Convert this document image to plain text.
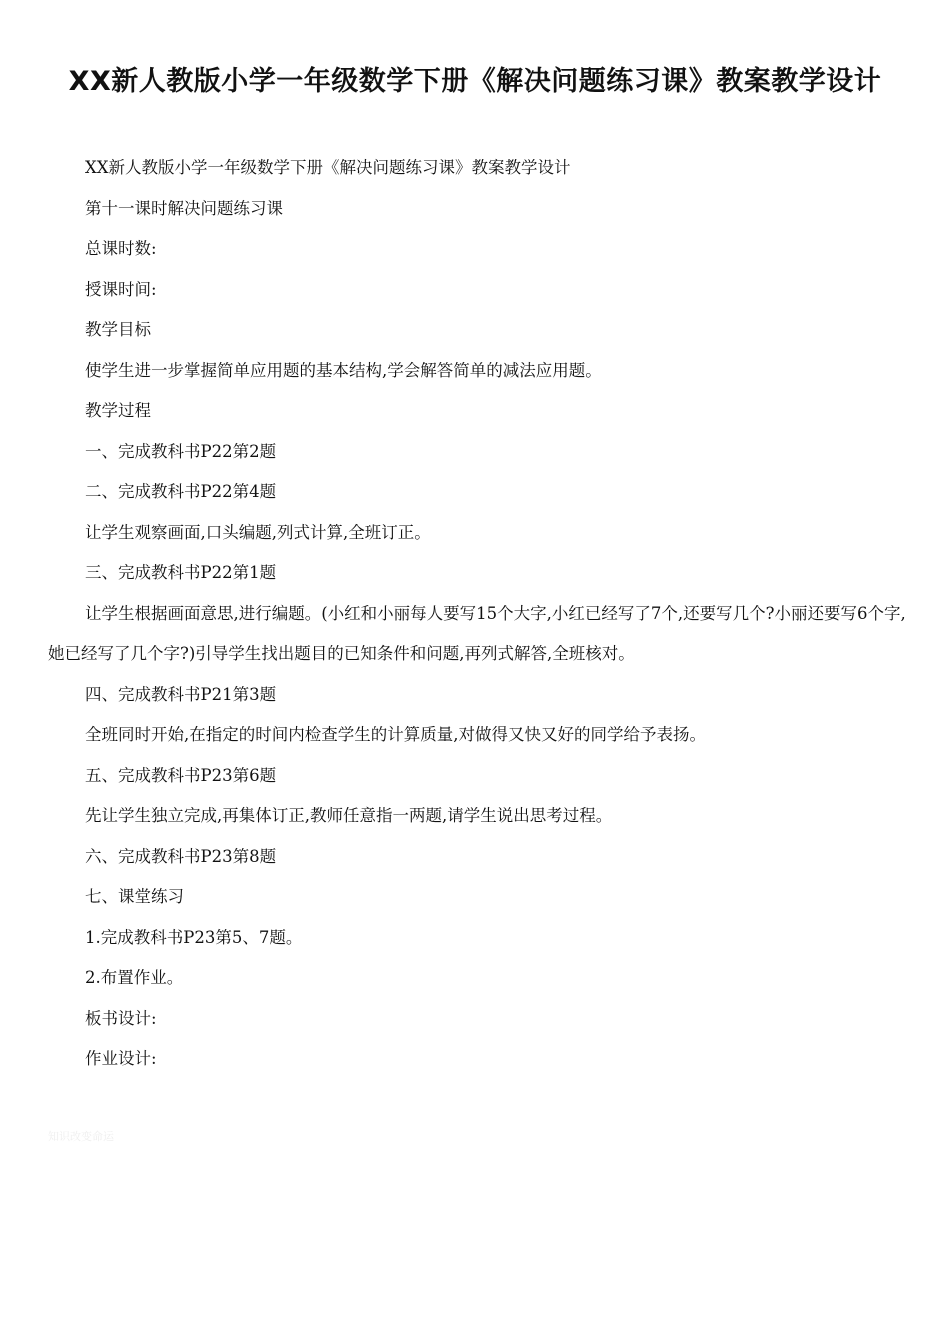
XX新人教版小学一年级数学下册《解决问题练习课》教案教学设计

XX新人教版小学一年级数学下册《解决问题练习课》教案教学设计

第十一课时解决问题练习课

总课时数:

授课时间:

教学目标

使学生进一步掌握简单应用题的基本结构,学会解答简单的减法应用题。

教学过程

一、完成教科书P22第2题

二、完成教科书P22第4题

让学生观察画面,口头编题,列式计算,全班订正。

三、完成教科书P22第1题

让学生根据画面意思,进行编题。(小红和小丽每人要写15个大字,小红已经写了7个,还要写几个?小丽还要写6个字,她已经写了几个字?)引导学生找出题目的已知条件和问题,再列式解答,全班核对。

四、完成教科书P21第3题

全班同时开始,在指定的时间内检查学生的计算质量,对做得又快又好的同学给予表扬。

五、完成教科书P23第6题

先让学生独立完成,再集体订正,教师任意指一两题,请学生说出思考过程。

六、完成教科书P23第8题

七、课堂练习

1.完成教科书P23第5、7题。

2.布置作业。

板书设计:

作业设计:

知识改变命运
